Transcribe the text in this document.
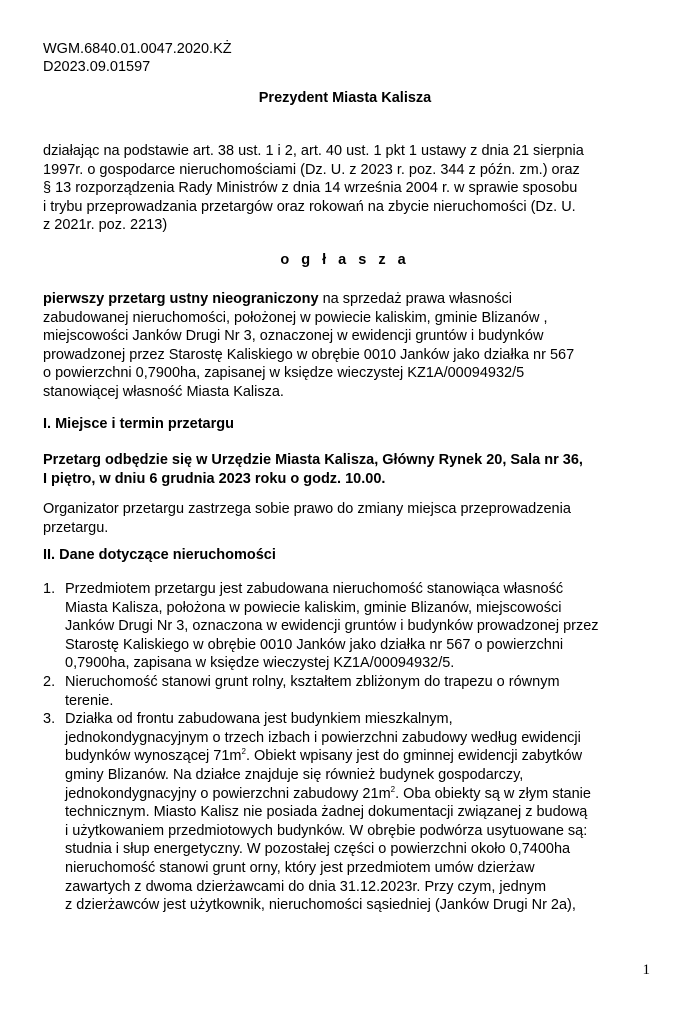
WGM.6840.01.0047.2020.KŻ
D2023.09.01597
Prezydent Miasta Kalisza
działając na podstawie art. 38 ust. 1 i 2, art. 40 ust. 1 pkt 1 ustawy z dnia 21 sierpnia
1997r. o gospodarce nieruchomościami (Dz. U. z 2023 r. poz. 344 z późn. zm.) oraz
§ 13 rozporządzenia Rady Ministrów z dnia 14 września 2004 r. w sprawie sposobu
i trybu przeprowadzania przetargów oraz rokowań na zbycie nieruchomości (Dz. U.
z 2021r. poz. 2213)
o g ł a s z a
pierwszy przetarg ustny nieograniczony na sprzedaż prawa własności
zabudowanej nieruchomości, położonej w powiecie kaliskim, gminie Blizanów ,
miejscowości Janków Drugi Nr 3, oznaczonej w ewidencji gruntów i budynków
prowadzonej przez Starostę Kaliskiego w obrębie 0010 Janków jako działka nr 567
o powierzchni 0,7900ha, zapisanej w księdze wieczystej KZ1A/00094932/5
stanowiącej własność Miasta Kalisza.
I. Miejsce i termin przetargu
Przetarg odbędzie się w Urzędzie Miasta Kalisza, Główny Rynek 20, Sala nr 36,
I piętro, w dniu 6 grudnia 2023 roku o godz. 10.00.
Organizator przetargu zastrzega sobie prawo do zmiany miejsca przeprowadzenia
przetargu.
II. Dane dotyczące nieruchomości
1. Przedmiotem przetargu jest zabudowana nieruchomość stanowiąca własność
Miasta Kalisza, położona w powiecie kaliskim, gminie Blizanów, miejscowości
Janków Drugi Nr 3, oznaczona w ewidencji gruntów i budynków prowadzonej przez
Starostę Kaliskiego w obrębie 0010 Janków jako działka nr 567 o powierzchni
0,7900ha, zapisana w księdze wieczystej KZ1A/00094932/5.
2. Nieruchomość stanowi grunt rolny, kształtem zbliżonym do trapezu o równym
terenie.
3. Działka od frontu zabudowana jest budynkiem mieszkalnym,
jednokondygnacyjnym o trzech izbach i powierzchni zabudowy według ewidencji
budynków wynoszącej $71m^2$. Obiekt wpisany jest do gminnej ewidencji zabytków
gminy Blizanów. Na działce znajduje się również budynek gospodarczy,
jednokondygnacyjny o powierzchni zabudowy $21m^2$. Oba obiekty są w złym stanie
technicznym. Miasto Kalisz nie posiada żadnej dokumentacji związanej z budową
i użytkowaniem przedmiotowych budynków. W obrębie podwórza usytuowane są:
studnia i słup energetyczny. W pozostałej części o powierzchni około 0,7400ha
nieruchomość stanowi grunt orny, który jest przedmiotem umów dzierżaw
zawartych z dwoma dzierżawcami do dnia 31.12.2023r. Przy czym, jednym
z dzierżawców jest użytkownik, nieruchomości sąsiedniej (Janków Drugi Nr 2a),
1
